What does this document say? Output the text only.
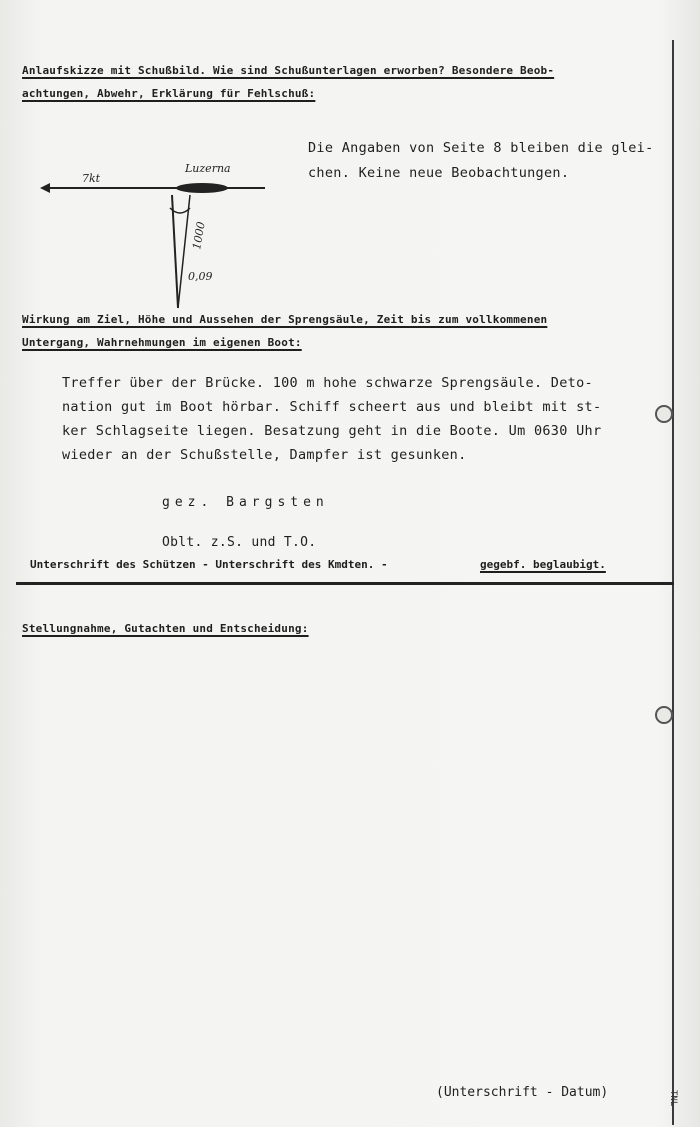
Anlaufskizze mit Schußbild. Wie sind Schußunterlagen erworben? Besondere Beob-
achtungen, Abwehr, Erklärung für Fehlschuß:
7kt
Luzerna
1000
0,09
Die Angaben von Seite 8 bleiben die glei-
chen. Keine neue Beobachtungen.
Wirkung am Ziel, Höhe und Aussehen der Sprengsäule, Zeit bis zum vollkommenen
Untergang, Wahrnehmungen im eigenen Boot:
Treffer über der Brücke. 100 m hohe schwarze Sprengsäule. Deto-
nation gut im Boot hörbar. Schiff scheert aus und bleibt mit st-
ker Schlagseite liegen. Besatzung geht in die Boote. Um 0630 Uhr
wieder an der Schußstelle, Dampfer ist gesunken.
gez. Bargsten
Oblt. z.S. und T.O.
Unterschrift des Schützen - Unterschrift des Kmdten. -	gegebf. beglaubigt.
Stellungnahme, Gutachten und Entscheidung:
(Unterschrift - Datum)	TNL
